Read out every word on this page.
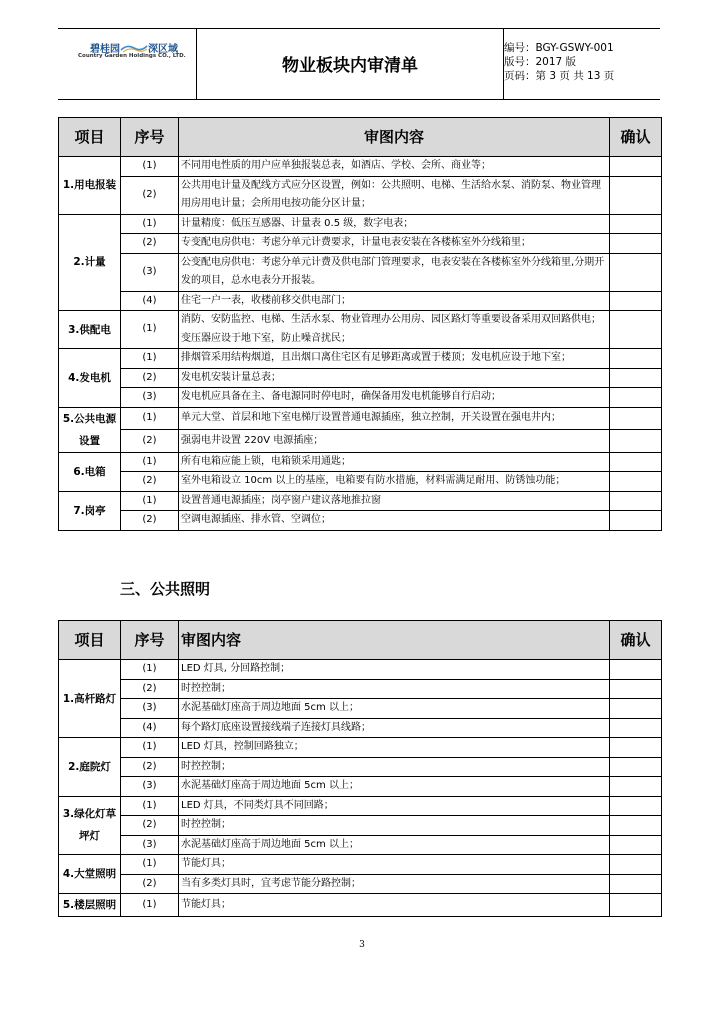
碧桂园	深区域
Country Garden Holdings CO., LTD.	物业板块内审清单
编号：BGY-GSWY-001
版号：2017 版
页码：第 3 页 共 13 页
项目	序号	审图内容	确认
1.用电报装	(1)	不同用电性质的用户应单独报装总表，如酒店、学校、会所、商业等；	
	(2)	公共用电计量及配线方式应分区设置，例如：公共照明、电梯、生活给水泵、消防泵、物业管理用房用电计量；会所用电按功能分区计量；	
2.计量	(1)	计量精度：低压互感器、计量表 0.5 级，数字电表；	
	(2)	专变配电房供电：考虑分单元计费要求，计量电表安装在各楼栋室外分线箱里；	
	(3)	公变配电房供电：考虑分单元计费及供电部门管理要求，电表安装在各楼栋室外分线箱里,分期开发的项目，总水电表分开报装。	
	(4)	住宅一户一表，收楼前移交供电部门；	
3.供配电	(1)	消防、安防监控、电梯、生活水泵、物业管理办公用房、园区路灯等重要设备采用双回路供电；变压器应设于地下室，防止噪音扰民；	
4.发电机	(1)	排烟管采用结构烟道，且出烟口离住宅区有足够距离或置于楼顶；发电机应设于地下室；	
	(2)	发电机安装计量总表；	
	(3)	发电机应具备在主、备电源同时停电时，确保备用发电机能够自行启动；	
5.公共电源设置	(1)	单元大堂、首层和地下室电梯厅设置普通电源插座，独立控制，开关设置在强电井内；	
	(2)	强弱电井设置 220V 电源插座；	
6.电箱	(1)	所有电箱应能上锁，电箱锁采用通匙；	
	(2)	室外电箱设立 10cm 以上的基座，电箱要有防水措施，材料需满足耐用、防锈蚀功能；	
7.岗亭	(1)	设置普通电源插座；岗亭窗户建议落地推拉窗	
	(2)	空调电源插座、排水管、空调位；	
三、公共照明
项目	序号	审图内容	确认
1.高杆路灯	(1)	LED 灯具, 分回路控制；	
	(2)	时控控制；	
	(3)	水泥基础灯座高于周边地面 5cm 以上；	
	(4)	每个路灯底座设置接线端子连接灯具线路；	
2.庭院灯	(1)	LED 灯具，控制回路独立；	
	(2)	时控控制；	
	(3)	水泥基础灯座高于周边地面 5cm 以上；	
3.绿化灯草坪灯	(1)	LED 灯具，不同类灯具不同回路；	
	(2)	时控控制；	
	(3)	水泥基础灯座高于周边地面 5cm 以上；	
4.大堂照明	(1)	节能灯具；	
	(2)	当有多类灯具时，宜考虑节能分路控制；	
5.楼层照明	(1)	节能灯具；	
3
